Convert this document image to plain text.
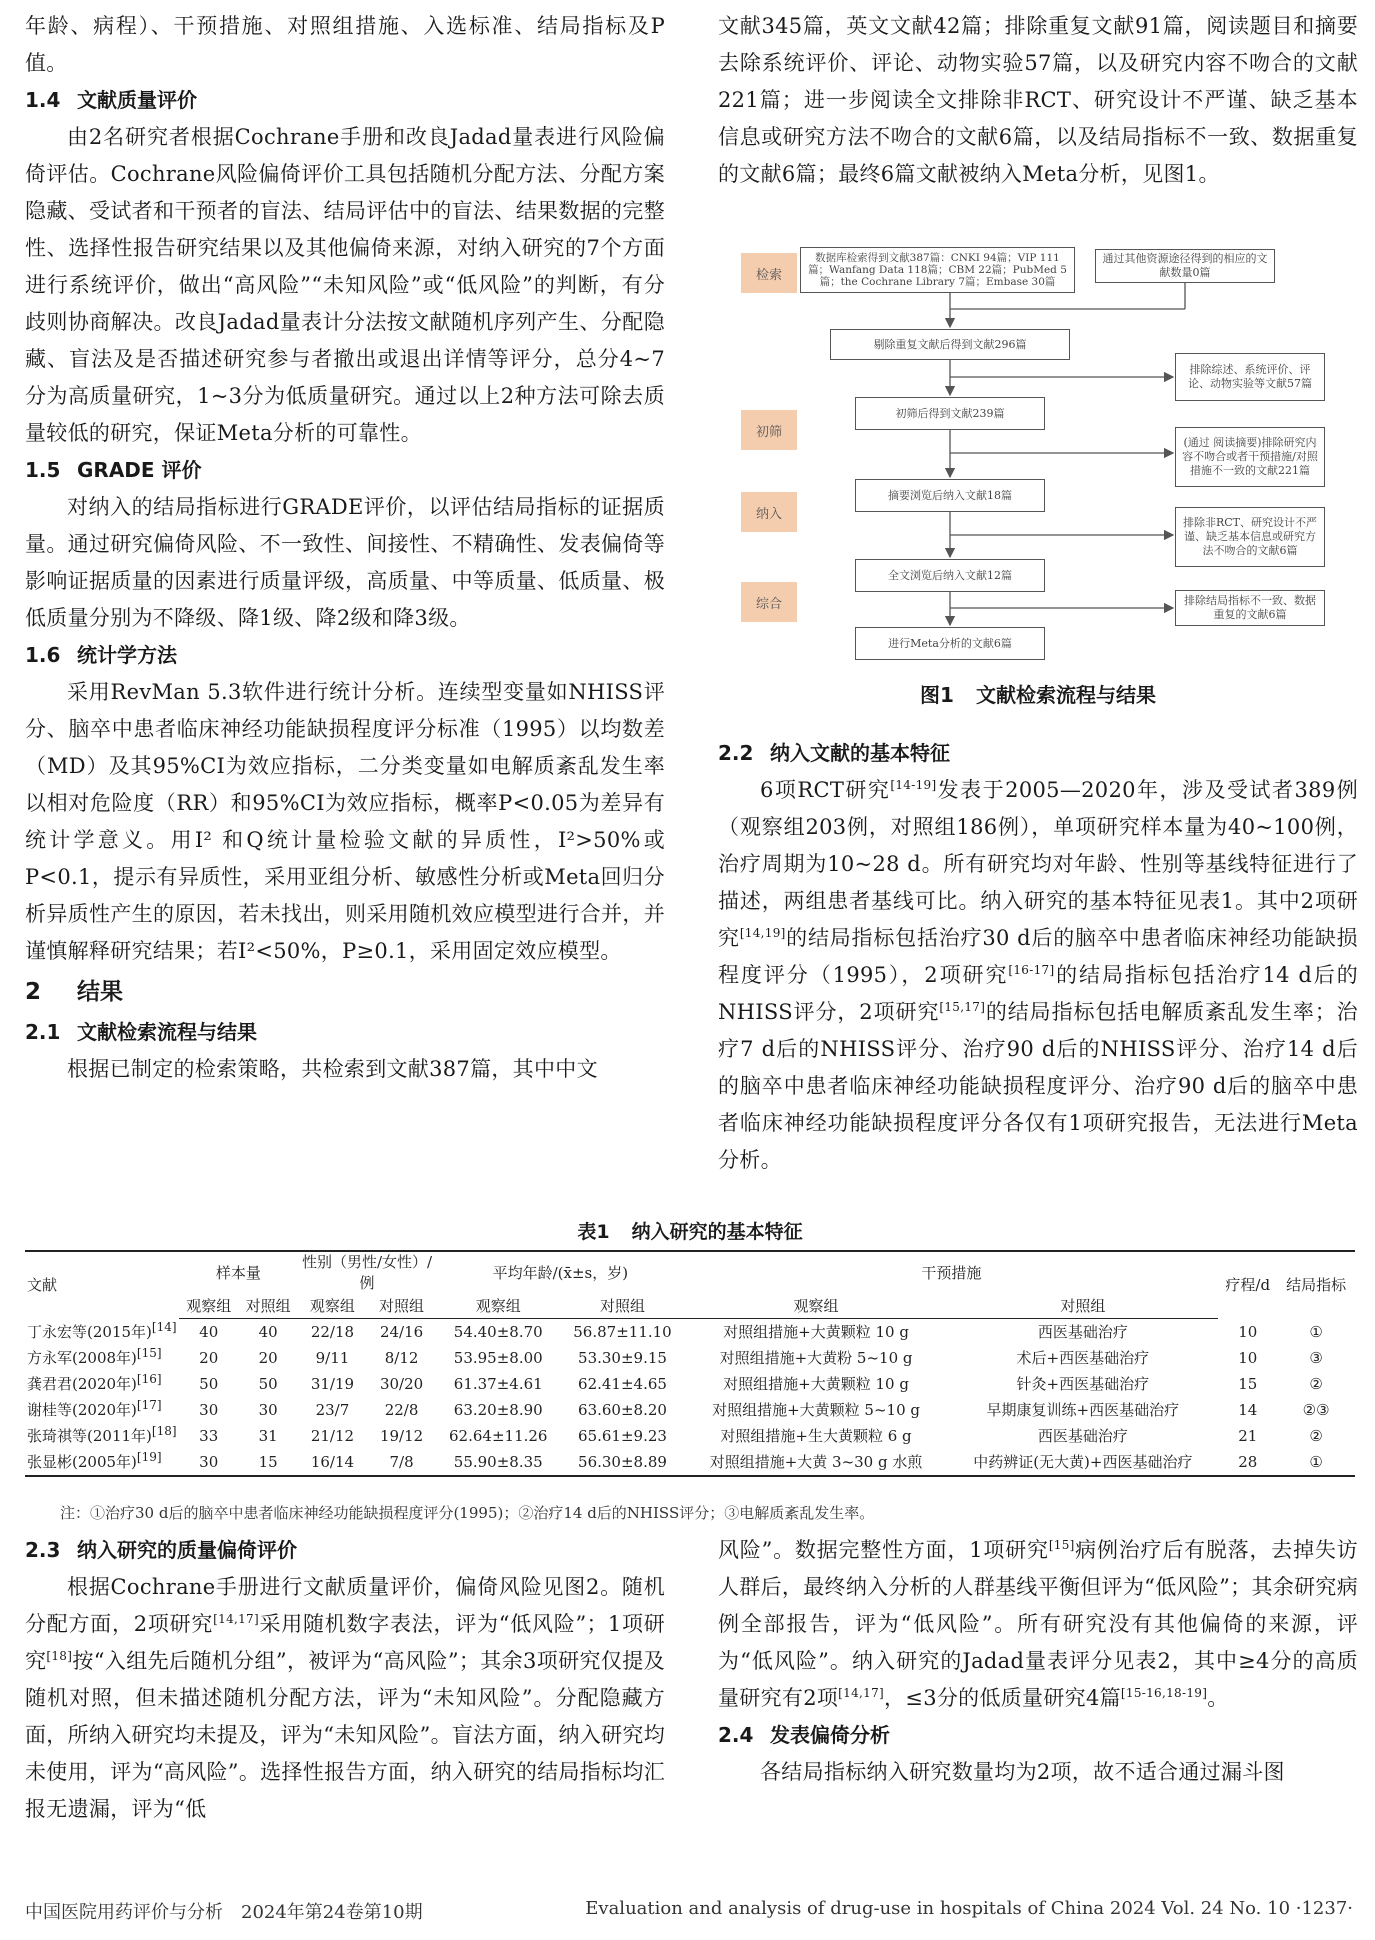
年龄、病程）、干预措施、对照组措施、入选标准、结局指标及P值。

1.4 文献质量评价

由2名研究者根据Cochrane手册和改良Jadad量表进行风险偏倚评估。Cochrane风险偏倚评价工具包括随机分配方法、分配方案隐藏、受试者和干预者的盲法、结局评估中的盲法、结果数据的完整性、选择性报告研究结果以及其他偏倚来源，对纳入研究的7个方面进行系统评价，做出“高风险”“未知风险”或“低风险”的判断，有分歧则协商解决。改良Jadad量表计分法按文献随机序列产生、分配隐藏、盲法及是否描述研究参与者撤出或退出详情等评分，总分4~7分为高质量研究，1~3分为低质量研究。通过以上2种方法可除去质量较低的研究，保证Meta分析的可靠性。

1.5 GRADE 评价

对纳入的结局指标进行GRADE评价，以评估结局指标的证据质量。通过研究偏倚风险、不一致性、间接性、不精确性、发表偏倚等影响证据质量的因素进行质量评级，高质量、中等质量、低质量、极低质量分别为不降级、降1级、降2级和降3级。

1.6 统计学方法

采用RevMan 5.3软件进行统计分析。连续型变量如NHISS评分、脑卒中患者临床神经功能缺损程度评分标准（1995）以均数差（MD）及其95%CI为效应指标，二分类变量如电解质紊乱发生率以相对危险度（RR）和95%CI为效应指标，概率P<0.05为差异有统计学意义。用I² 和Q统计量检验文献的异质性，I²>50%或P<0.1，提示有异质性，采用亚组分析、敏感性分析或Meta回归分析异质性产生的原因，若未找出，则采用随机效应模型进行合并，并谨慎解释研究结果；若I²<50%，P≥0.1，采用固定效应模型。

2 结果
2.1 文献检索流程与结果

根据已制定的检索策略，共检索到文献387篇，其中中文

文献345篇，英文文献42篇；排除重复文献91篇，阅读题目和摘要去除系统评价、评论、动物实验57篇，以及研究内容不吻合的文献221篇；进一步阅读全文排除非RCT、研究设计不严谨、缺乏基本信息或研究方法不吻合的文献6篇，以及结局指标不一致、数据重复的文献6篇；最终6篇文献被纳入Meta分析，见图1。

检索
初筛
纳入
综合
数据库检索得到文献387篇：CNKI 94篇；VIP 111篇；Wanfang Data 118篇；CBM 22篇；PubMed 5篇；the Cochrane Library 7篇；Embase 30篇
通过其他资源途径得到的相应的文献数量0篇
剔除重复文献后得到文献296篇
排除综述、系统评价、评论、动物实验等文献57篇
初筛后得到文献239篇
(通过 阅读摘要)排除研究内容不吻合或者干预措施/对照措施不一致的文献221篇
摘要浏览后纳入文献18篇
排除非RCT、研究设计不严谨、缺乏基本信息或研究方法不吻合的文献6篇
全文浏览后纳入文献12篇
排除结局指标不一致、数据重复的文献6篇
进行Meta分析的文献6篇
图1 文献检索流程与结果
2.2 纳入文献的基本特征

6项RCT研究[14-19]发表于2005—2020年，涉及受试者389例（观察组203例，对照组186例），单项研究样本量为40~100例，治疗周期为10~28 d。所有研究均对年龄、性别等基线特征进行了描述，两组患者基线可比。纳入研究的基本特征见表1。其中2项研究[14,19]的结局指标包括治疗30 d后的脑卒中患者临床神经功能缺损程度评分（1995），2项研究[16-17]的结局指标包括治疗14 d后的NHISS评分，2项研究[15,17]的结局指标包括电解质紊乱发生率；治疗7 d后的NHISS评分、治疗90 d后的NHISS评分、治疗14 d后的脑卒中患者临床神经功能缺损程度评分、治疗90 d后的脑卒中患者临床神经功能缺损程度评分各仅有1项研究报告，无法进行Meta分析。

表1 纳入研究的基本特征
文献	样本量		性别（男性/女性）/例		平均年龄/(x̄±s，岁)		干预措施		疗程/d	结局指标
	观察组	对照组	观察组	对照组	观察组	对照组	观察组	对照组		
丁永宏等(2015年)[14]	40	40	22/18	24/16	54.40±8.70	56.87±11.10	对照组措施+大黄颗粒 10 g	西医基础治疗	10	①
方永军(2008年)[15]	20	20	9/11	8/12	53.95±8.00	53.30±9.15	对照组措施+大黄粉 5~10 g	术后+西医基础治疗	10	③
龚君君(2020年)[16]	50	50	31/19	30/20	61.37±4.61	62.41±4.65	对照组措施+大黄颗粒 10 g	针灸+西医基础治疗	15	②
谢桂等(2020年)[17]	30	30	23/7	22/8	63.20±8.90	63.60±8.20	对照组措施+大黄颗粒 5~10 g	早期康复训练+西医基础治疗	14	②③
张琦祺等(2011年)[18]	33	31	21/12	19/12	62.64±11.26	65.61±9.23	对照组措施+生大黄颗粒 6 g	西医基础治疗	21	②
张显彬(2005年)[19]	30	15	16/14	7/8	55.90±8.35	56.30±8.89	对照组措施+大黄 3~30 g 水煎	中药辨证(无大黄)+西医基础治疗	28	①
注：①治疗30 d后的脑卒中患者临床神经功能缺损程度评分(1995)；②治疗14 d后的NHISS评分；③电解质紊乱发生率。
2.3 纳入研究的质量偏倚评价

根据Cochrane手册进行文献质量评价，偏倚风险见图2。随机分配方面，2项研究[14,17]采用随机数字表法，评为“低风险”；1项研究[18]按“入组先后随机分组”，被评为“高风险”；其余3项研究仅提及随机对照，但未描述随机分配方法，评为“未知风险”。分配隐藏方面，所纳入研究均未提及，评为“未知风险”。盲法方面，纳入研究均未使用，评为“高风险”。选择性报告方面，纳入研究的结局指标均汇报无遗漏，评为“低

风险”。数据完整性方面，1项研究[15]病例治疗后有脱落，去掉失访人群后，最终纳入分析的人群基线平衡但评为“低风险”；其余研究病例全部报告，评为“低风险”。所有研究没有其他偏倚的来源，评为“低风险”。纳入研究的Jadad量表评分见表2，其中≥4分的高质量研究有2项[14,17]，≤3分的低质量研究4篇[15-16,18-19]。

2.4 发表偏倚分析

各结局指标纳入研究数量均为2项，故不适合通过漏斗图

中国医院用药评价与分析　2024年第24卷第10期	Evaluation and analysis of drug-use in hospitals of China 2024 Vol. 24 No. 10 ·1237·
